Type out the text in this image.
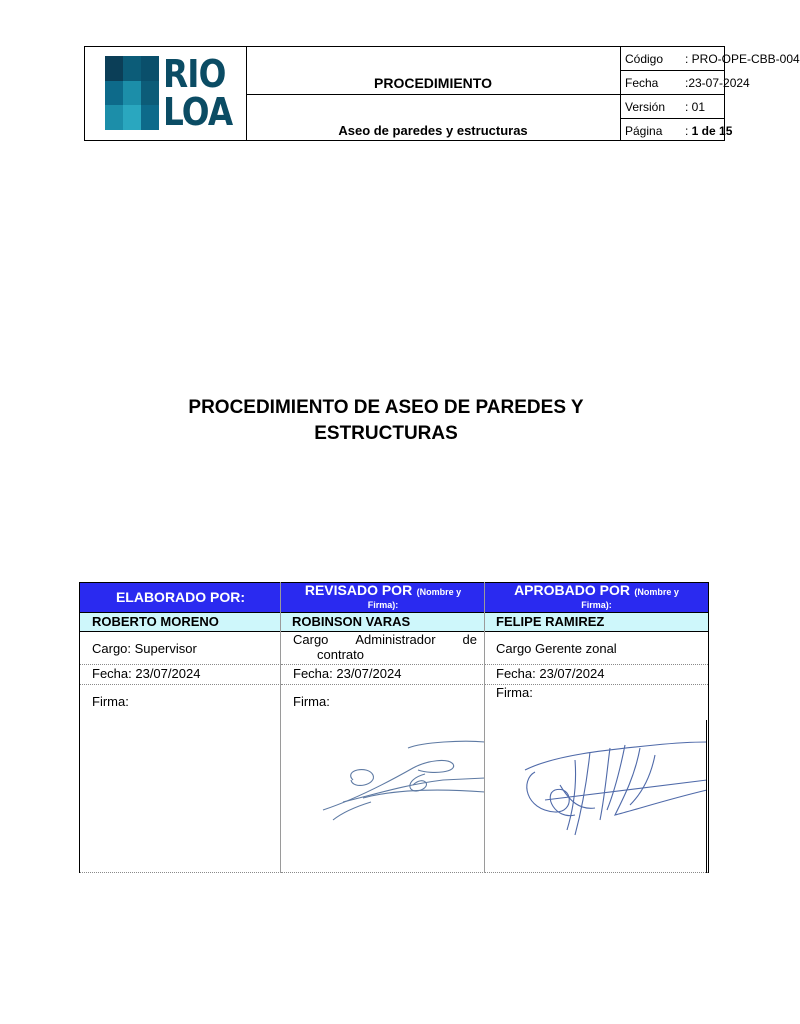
RIO
LOA
PROCEDIMIENTO
Aseo de paredes y estructuras
Código : PRO-OPE-CBB-004
Fecha :23-07-2024
Versión : 01
Página : 1 de 15
PROCEDIMIENTO DE ASEO DE PAREDES Y
ESTRUCTURAS
ELABORADO POR:
ROBERTO MORENO
Cargo: Supervisor
Fecha: 23/07/2024
Firma:
REVISADO POR (Nombre y
Firma):
ROBINSON VARAS
Cargo Administrador de
contrato
Fecha: 23/07/2024
Firma:
APROBADO POR (Nombre y
Firma):
FELIPE RAMIREZ
Cargo Gerente zonal
Fecha: 23/07/2024
Firma:
